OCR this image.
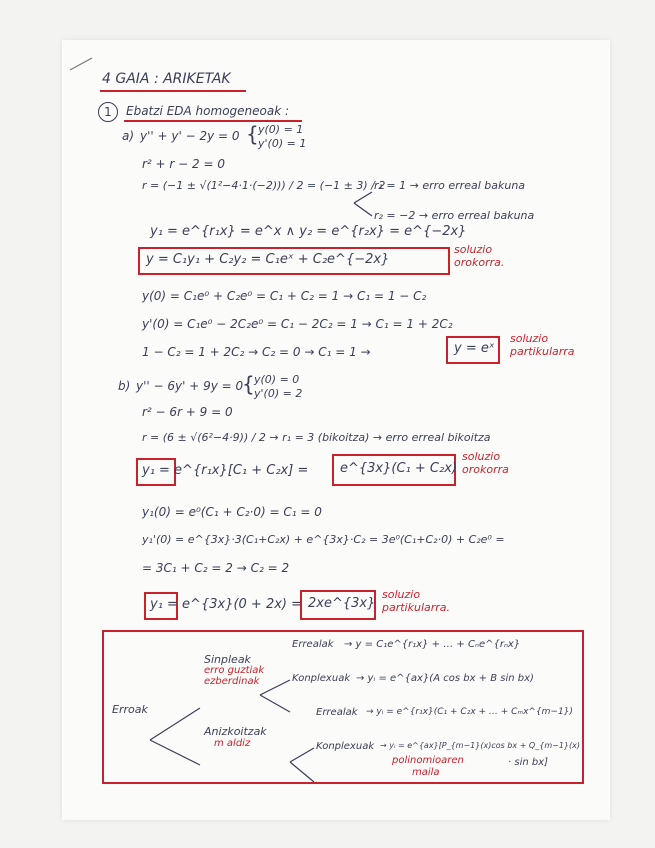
4 GAIA : ARIKETAK
1	Ebatzi EDA homogeneoak :
a) y'' + y' − 2y = 0 { y(0) = 1
y'(0) = 1
r² + r − 2 = 0
r = (−1 ± √(1²−4·1·(−2))) / 2 = (−1 ± 3) / 2
r₁ = 1 → erro erreal bakuna
r₂ = −2 → erro erreal bakuna
y₁ = e^{r₁x} = e^x ∧ y₂ = e^{r₂x} = e^{−2x}
y = C₁y₁ + C₂y₂ = C₁eˣ + C₂e^{−2x}
soluzio orokorra.
y(0) = C₁e⁰ + C₂e⁰ = C₁ + C₂ = 1 → C₁ = 1 − C₂
y'(0) = C₁e⁰ − 2C₂e⁰ = C₁ − 2C₂ = 1 → C₁ = 1 + 2C₂
1 − C₂ = 1 + 2C₂ → C₂ = 0 → C₁ = 1 →	y = eˣ
soluzio partikularra
b) y'' − 6y' + 9y = 0
{ y(0) = 0
y'(0) = 2
r² − 6r + 9 = 0
r = (6 ± √(6²−4·9)) / 2 → r₁ = 3 (bikoitza) → erro erreal bikoitza
y₁ = e^{r₁x}[C₁ + C₂x] = e^{3x}(C₁ + C₂x)
soluzio orokorra
y₁(0) = e⁰(C₁ + C₂·0) = C₁ = 0
y₁'(0) = e^{3x}·3(C₁+C₂x) + e^{3x}·C₂ = 3e⁰(C₁+C₂·0) + C₂e⁰ =
= 3C₁ + C₂ = 2 → C₂ = 2
y₁ = e^{3x}(0 + 2x) = 2xe^{3x}
soluzio partikularra.
Erroak
Sinpleak
erro guztiak
ezberdinak
Anizkoitzak
m aldiz
Errealak → y = C₁e^{r₁x} + … + Cₙe^{rₙx}
Konplexuak → yᵢ = e^{ax}(A cos bx + B sin bx)
Errealak → yᵢ = e^{r₁x}(C₁ + C₂x + … + Cₘx^{m−1})
Konplexuak → yᵢ = e^{ax}[P_{m−1}(x)cos bx + Q_{m−1}(x)
· sin bx]
polinomioaren
maila
